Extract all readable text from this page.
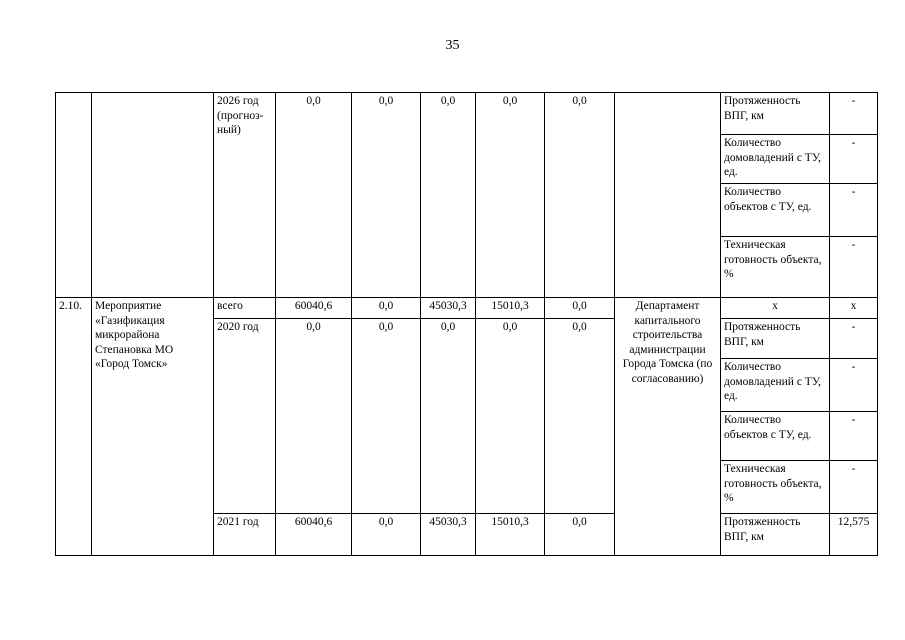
35
		2026 год (прогноз-ный)	0,0	0,0	0,0	0,0	0,0		Протяженность ВПГ, км	-
									Количество домовладений с ТУ, ед.	-
									Количество объектов с ТУ, ед.	-
									Техническая готовность объекта, %	-
2.10.	Мероприятие «Газификация микрорайона Степановка МО «Город Томск»	всего	60040,6	0,0	45030,3	15010,3	0,0	Департамент капитального строительства администрации Города Томска (по согласованию)	х	х
		2020 год	0,0	0,0	0,0	0,0	0,0		Протяженность ВПГ, км	-
									Количество домовладений с ТУ, ед.	-
									Количество объектов с ТУ, ед.	-
									Техническая готовность объекта, %	-
		2021 год	60040,6	0,0	45030,3	15010,3	0,0		Протяженность ВПГ, км	12,575
